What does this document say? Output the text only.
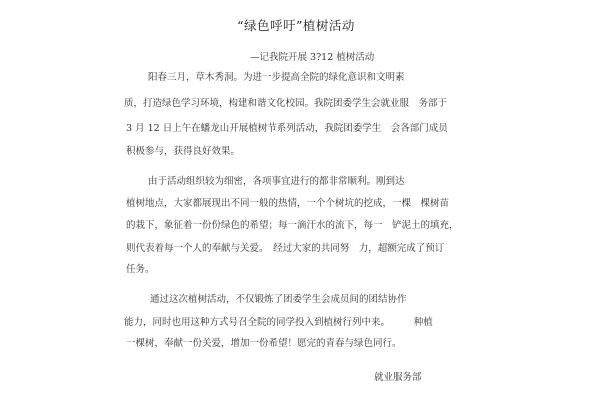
“绿色呼吁”植树活动
—记我院开展 3?12 植树活动
阳春三月，草木秀洞。为进一步提高全院的绿化意识和文明素
质，打造绿色学习环境，构建和谐文化校园。我院团委学生会就业服　务部于
3 月 12 日上午在蟠龙山开展植树节系列活动，我院团委学生　会各部门成员
积极参与，获得良好效果。
由于活动组织较为细密，各项事宜进行的都非常顺利。刚到达
植树地点，大家都展现出不同一般的热情，一个个树坑的挖成，一棵　棵树苗
的栽下，象征着一份份绿色的希望；每一滴汗水的流下，每一　铲泥土的填充，
则代表着每一个人的奉献与关爱。　经过大家的共同努　力，超额完成了预订
任务。
通过这次植树活动，不仅锻炼了团委学生会成员间的团结协作
能力，同时也用这种方式号召全院的同学投入到植树行列中来。　　　种植
一棵树，奉献一份关爱，增加一份希望！愿完的青春与绿色同行。
就业服务部
